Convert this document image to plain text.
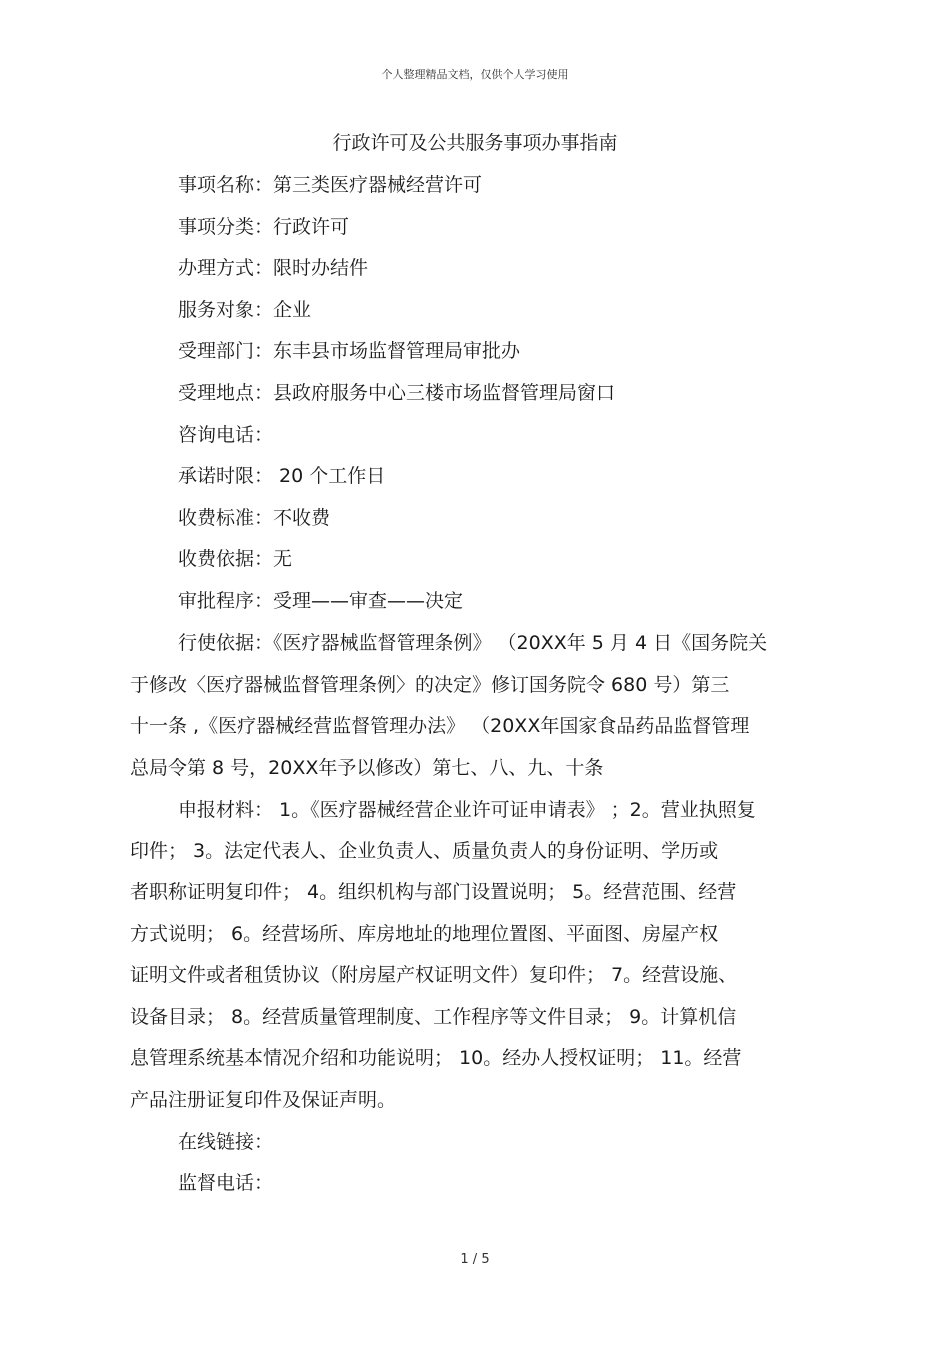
个人整理精品文档，仅供个人学习使用
行政许可及公共服务事项办事指南
事项名称：第三类医疗器械经营许可
事项分类：行政许可
办理方式：限时办结件
服务对象：企业
受理部门：东丰县市场监督管理局审批办
受理地点：县政府服务中心三楼市场监督管理局窗口
咨询电话：
承诺时限： 20 个工作日
收费标准：不收费
收费依据：无
审批程序：受理——审查——决定
行使依据：《医疗器械监督管理条例》 （20XX年 5 月 4 日《国务院关
于修改〈医疗器械监督管理条例〉的决定》修订国务院令 680 号）第三
十一条 ,《医疗器械经营监督管理办法》 （20XX年国家食品药品监督管理
总局令第 8 号，20XX年予以修改）第七、八、九、十条
申报材料： 1。《医疗器械经营企业许可证申请表》 ；2。营业执照复
印件； 3。法定代表人、企业负责人、质量负责人的身份证明、学历或
者职称证明复印件； 4。组织机构与部门设置说明； 5。经营范围、经营
方式说明； 6。经营场所、库房地址的地理位置图、平面图、房屋产权
证明文件或者租赁协议（附房屋产权证明文件）复印件； 7。经营设施、
设备目录； 8。经营质量管理制度、工作程序等文件目录； 9。计算机信
息管理系统基本情况介绍和功能说明； 10。经办人授权证明； 11。经营
产品注册证复印件及保证声明。
在线链接：
监督电话：
1 / 5
